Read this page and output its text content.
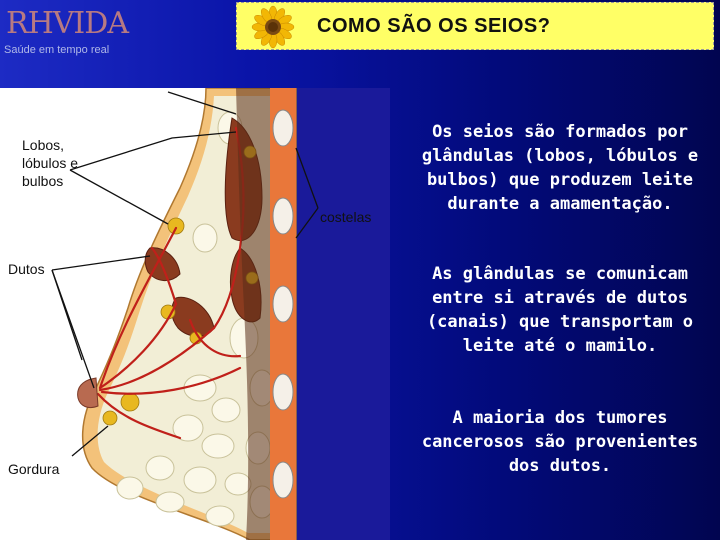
RHVIDA
Saúde em tempo real
COMO SÃO OS SEIOS?
Lobos, lóbulos e bulbos
Dutos
Gordura
costelas
Os seios são formados por glândulas (lobos, lóbulos e bulbos) que produzem leite durante a amamentação.
As glândulas se comunicam entre si através de dutos (canais) que transportam o leite até o mamilo.
A maioria dos tumores cancerosos são provenientes dos dutos.
